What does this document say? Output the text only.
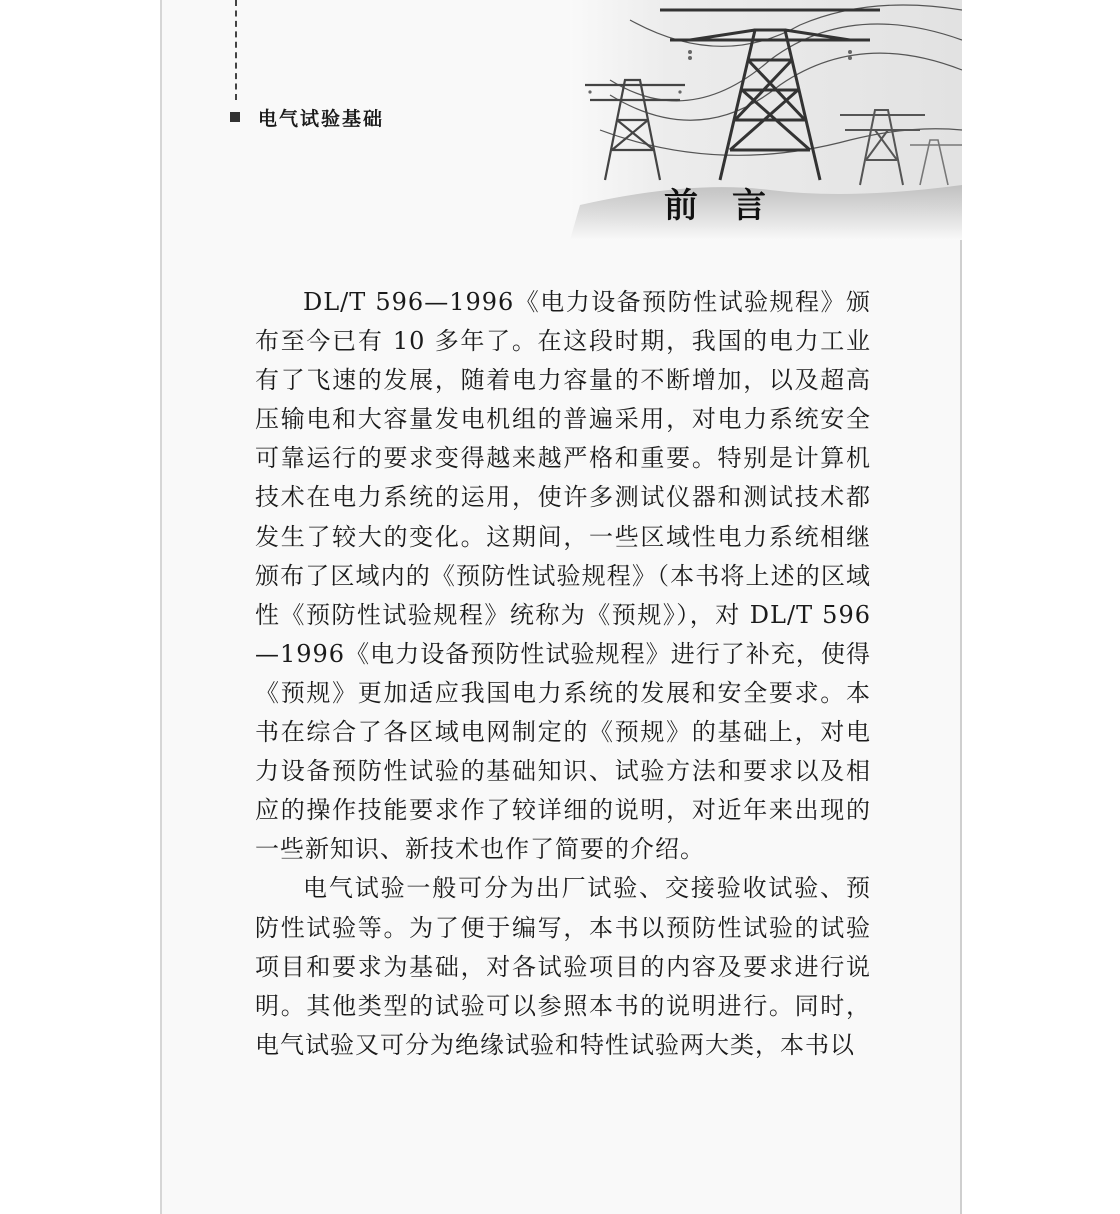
电气试验基础
前言

DL/T 596—1996《电力设备预防性试验规程》颁布至今已有 10 多年了。在这段时期，我国的电力工业有了飞速的发展，随着电力容量的不断增加，以及超高压输电和大容量发电机组的普遍采用，对电力系统安全可靠运行的要求变得越来越严格和重要。特别是计算机技术在电力系统的运用，使许多测试仪器和测试技术都发生了较大的变化。这期间，一些区域性电力系统相继颁布了区域内的《预防性试验规程》（本书将上述的区域性《预防性试验规程》统称为《预规》），对 DL/T 596—1996《电力设备预防性试验规程》进行了补充，使得《预规》更加适应我国电力系统的发展和安全要求。本书在综合了各区域电网制定的《预规》的基础上，对电力设备预防性试验的基础知识、试验方法和要求以及相应的操作技能要求作了较详细的说明，对近年来出现的一些新知识、新技术也作了简要的介绍。

电气试验一般可分为出厂试验、交接验收试验、预防性试验等。为了便于编写，本书以预防性试验的试验项目和要求为基础，对各试验项目的内容及要求进行说明。其他类型的试验可以参照本书的说明进行。同时，电气试验又可分为绝缘试验和特性试验两大类，本书以
